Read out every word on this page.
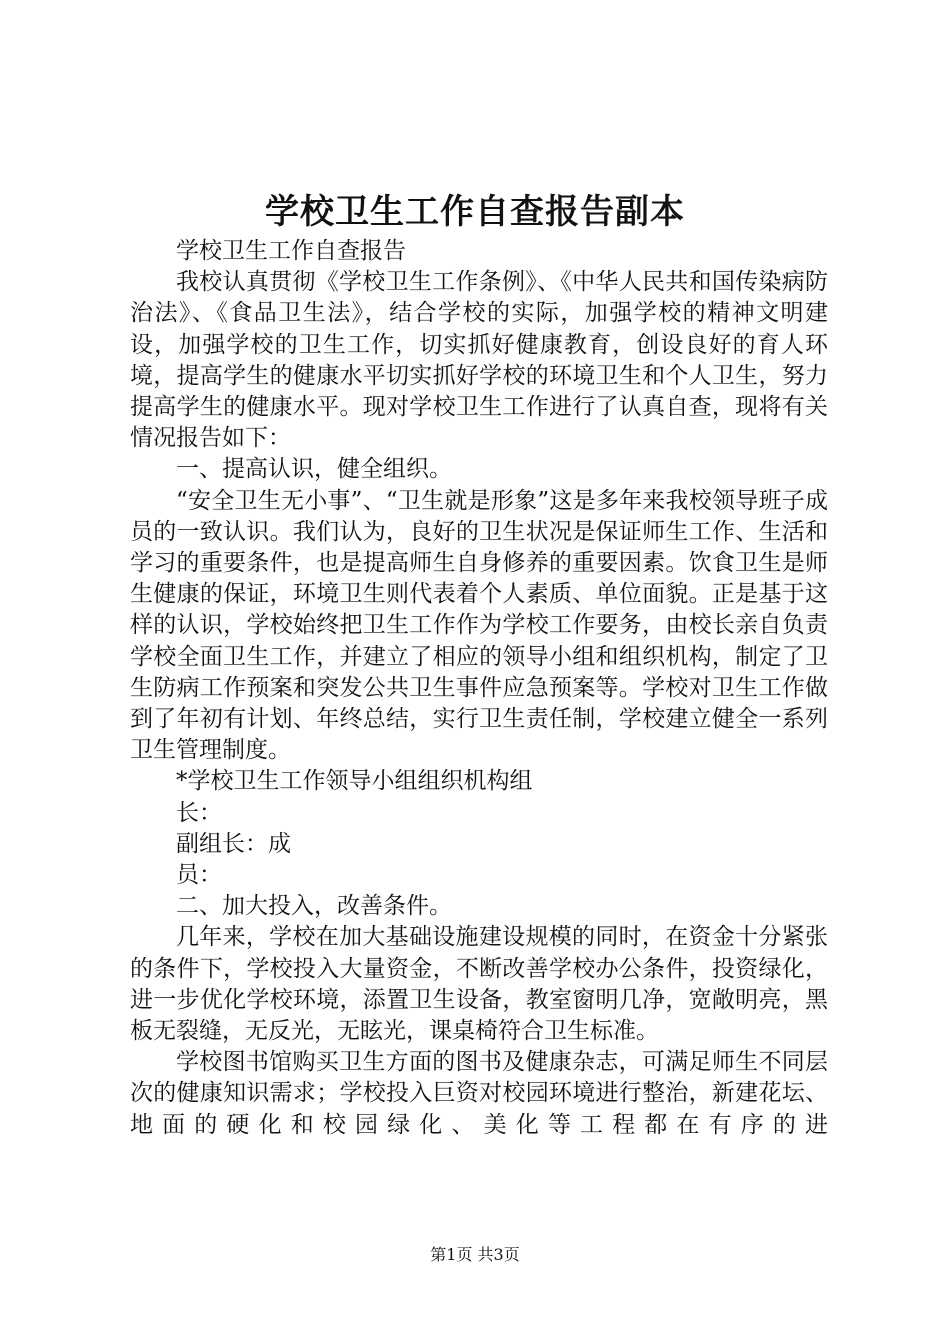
学校卫生工作自查报告副本

学校卫生工作自查报告

我校认真贯彻《学校卫生工作条例》、《中华人民共和国传染病防治法》、《食品卫生法》，结合学校的实际，加强学校的精神文明建设，加强学校的卫生工作，切实抓好健康教育，创设良好的育人环境，提高学生的健康水平切实抓好学校的环境卫生和个人卫生，努力提高学生的健康水平。现对学校卫生工作进行了认真自查，现将有关情况报告如下：

一、提高认识，健全组织。

“安全卫生无小事”、“卫生就是形象”这是多年来我校领导班子成员的一致认识。我们认为，良好的卫生状况是保证师生工作、生活和学习的重要条件，也是提高师生自身修养的重要因素。饮食卫生是师生健康的保证，环境卫生则代表着个人素质、单位面貌。正是基于这样的认识，学校始终把卫生工作作为学校工作要务，由校长亲自负责学校全面卫生工作，并建立了相应的领导小组和组织机构，制定了卫生防病工作预案和突发公共卫生事件应急预案等。学校对卫生工作做到了年初有计划、年终总结，实行卫生责任制，学校建立健全一系列卫生管理制度。

*学校卫生工作领导小组组织机构组

长：

副组长：成

员：

二、加大投入，改善条件。

几年来，学校在加大基础设施建设规模的同时，在资金十分紧张的条件下，学校投入大量资金，不断改善学校办公条件，投资绿化，进一步优化学校环境，添置卫生设备，教室窗明几净，宽敞明亮，黑板无裂缝，无反光，无眩光，课桌椅符合卫生标准。

学校图书馆购买卫生方面的图书及健康杂志，可满足师生不同层次的健康知识需求；学校投入巨资对校园环境进行整治，新建花坛、地面的硬化和校园绿化、美化等工程都在有序的进

第1页 共3页
